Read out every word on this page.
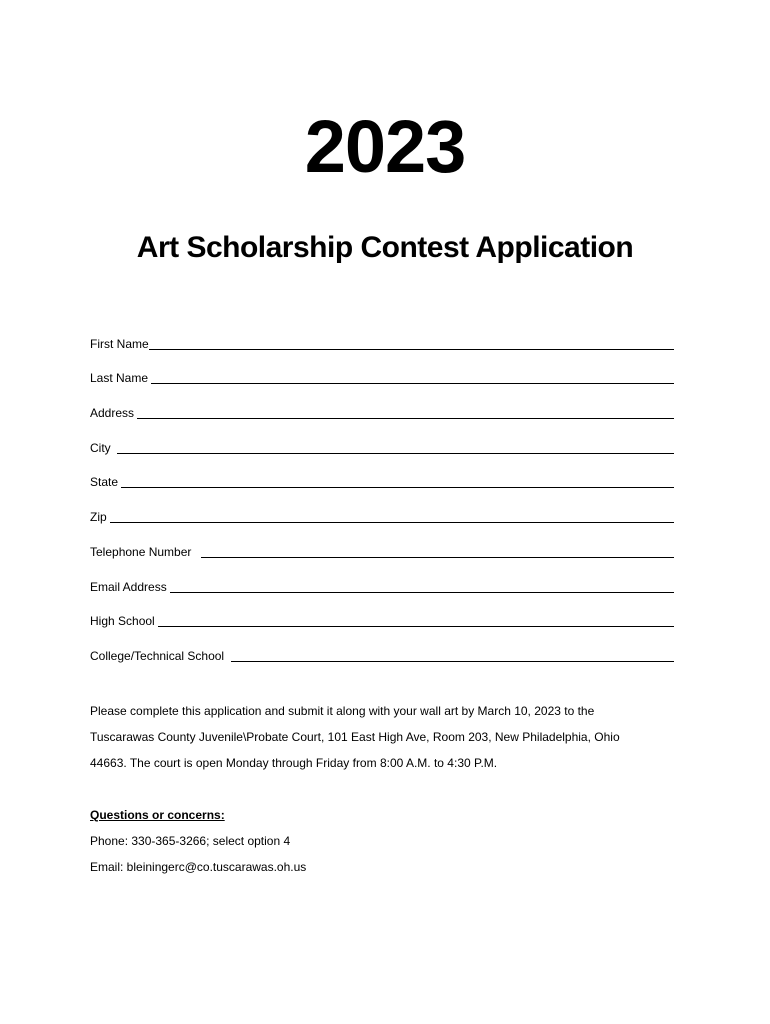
2023
Art Scholarship Contest Application
First Name
Last Name
Address
City
State
Zip
Telephone Number
Email Address
High School
College/Technical School
Please complete this application and submit it along with your wall art by March 10, 2023 to the Tuscarawas County Juvenile\Probate Court, 101 East High Ave, Room 203, New Philadelphia, Ohio 44663. The court is open Monday through Friday from 8:00 A.M. to 4:30 P.M.
Questions or concerns:
Phone: 330-365-3266; select option 4
Email: bleiningerc@co.tuscarawas.oh.us
